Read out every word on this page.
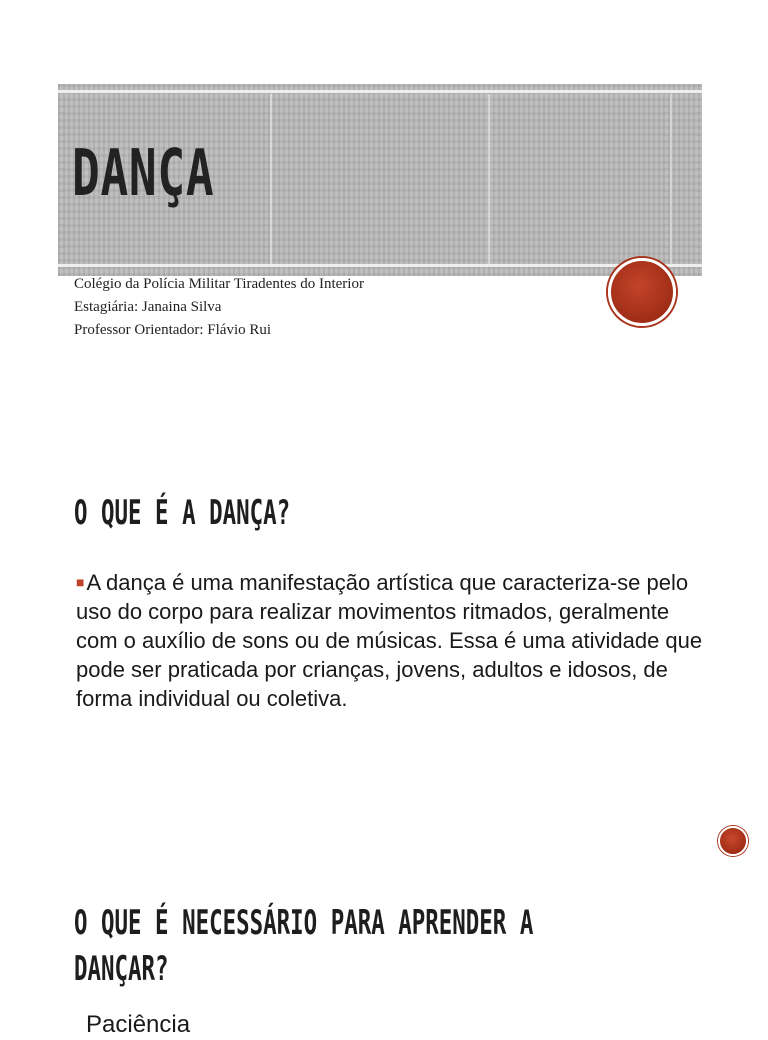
DANÇA

Colégio da Polícia Militar Tiradentes do Interior

Estagiária: Janaina Silva

Professor Orientador: Flávio Rui

O QUE É A DANÇA?

■A dança é uma manifestação artística que caracteriza-se pelo uso do corpo para realizar movimentos ritmados, geralmente com o auxílio de sons ou de músicas. Essa é uma atividade que pode ser praticada por crianças, jovens, adultos e idosos, de forma individual ou coletiva.

O QUE É NECESSÁRIO PARA APRENDER A
DANÇAR?

Paciência
